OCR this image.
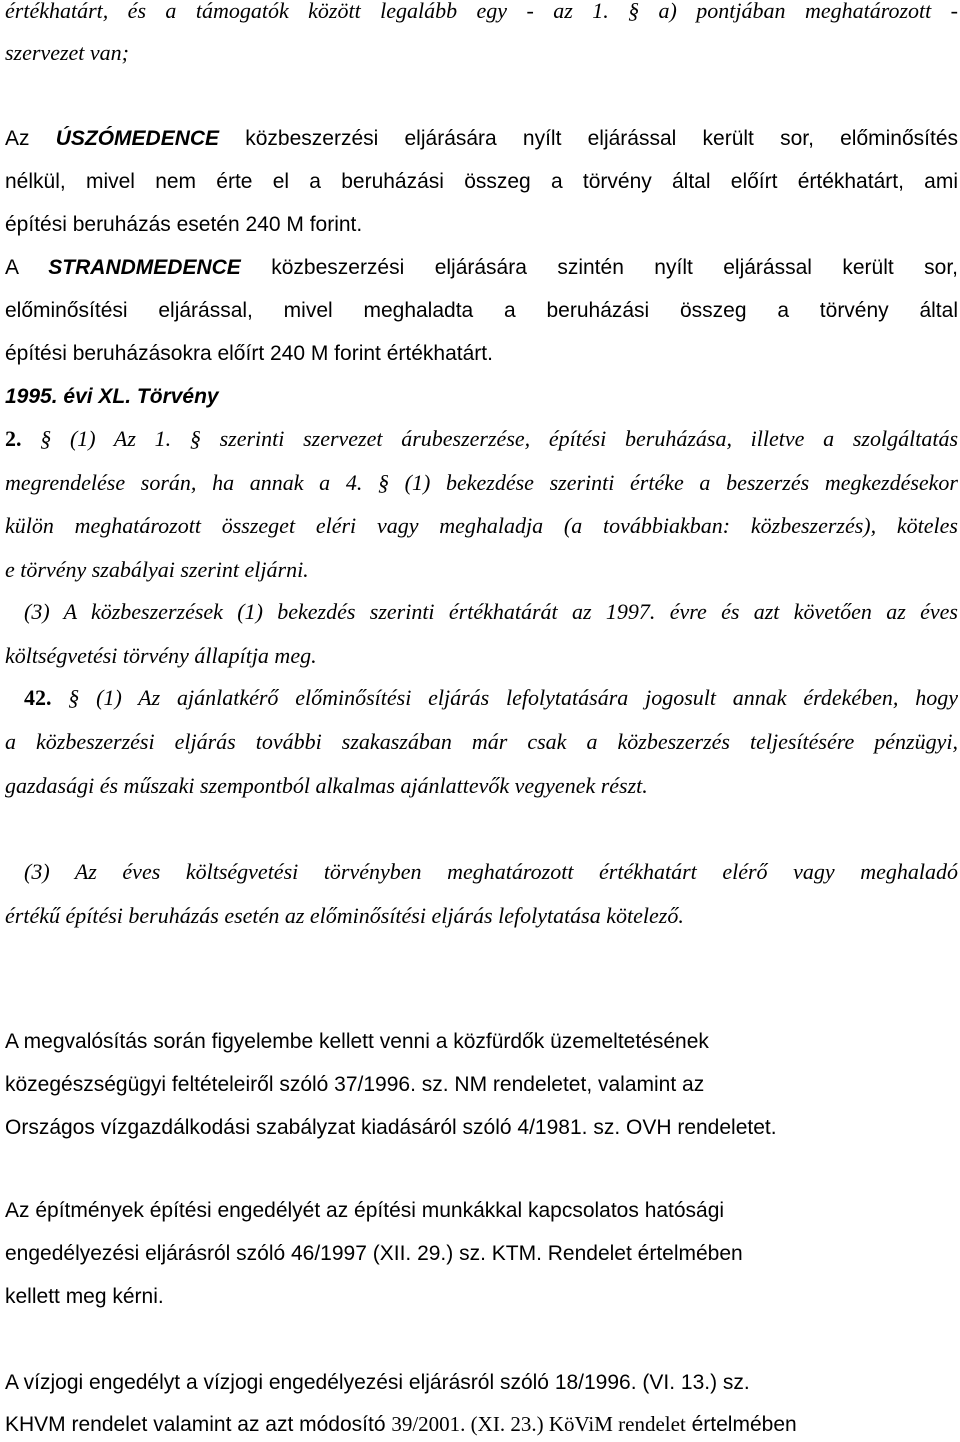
értékhatárt, és a támogatók között legalább egy - az 1. § a) pontjában meghatározott -
szervezet van;
Az ÚSZÓMEDENCE közbeszerzési eljárására nyílt eljárással került sor, előminősítés
nélkül, mivel nem érte el a beruházási összeg a törvény által előírt értékhatárt, ami
építési beruházás esetén 240 M forint.
A STRANDMEDENCE közbeszerzési eljárására szintén nyílt eljárással került sor,
előminősítési eljárással, mivel meghaladta a beruházási összeg a törvény által
építési beruházásokra előírt 240 M forint értékhatárt.
1995. évi XL. Törvény
2. § (1) Az 1. § szerinti szervezet árubeszerzése, építési beruházása, illetve a szolgáltatás
megrendelése során, ha annak a 4. § (1) bekezdése szerinti értéke a beszerzés megkezdésekor
külön meghatározott összeget eléri vagy meghaladja (a továbbiakban: közbeszerzés), köteles
e törvény szabályai szerint eljárni.
(3) A közbeszerzések (1) bekezdés szerinti értékhatárát az 1997. évre és azt követően az éves
költségvetési törvény állapítja meg.
42. § (1) Az ajánlatkérő előminősítési eljárás lefolytatására jogosult annak érdekében, hogy
a közbeszerzési eljárás további szakaszában már csak a közbeszerzés teljesítésére pénzügyi,
gazdasági és műszaki szempontból alkalmas ajánlattevők vegyenek részt.
(3) Az éves költségvetési törvényben meghatározott értékhatárt elérő vagy meghaladó
értékű építési beruházás esetén az előminősítési eljárás lefolytatása kötelező.
A megvalósítás során figyelembe kellett venni a közfürdők üzemeltetésének
közegészségügyi feltételeiről szóló 37/1996. sz. NM rendeletet, valamint az
Országos vízgazdálkodási szabályzat kiadásáról szóló 4/1981. sz. OVH rendeletet.
Az építmények építési engedélyét az építési munkákkal kapcsolatos hatósági
engedélyezési eljárásról szóló 46/1997 (XII. 29.) sz. KTM. Rendelet értelmében
kellett meg kérni.
A vízjogi engedélyt a vízjogi engedélyezési eljárásról szóló 18/1996. (VI. 13.) sz.
KHVM rendelet valamint az azt módosító 39/2001. (XI. 23.) KöViM rendelet értelmében
